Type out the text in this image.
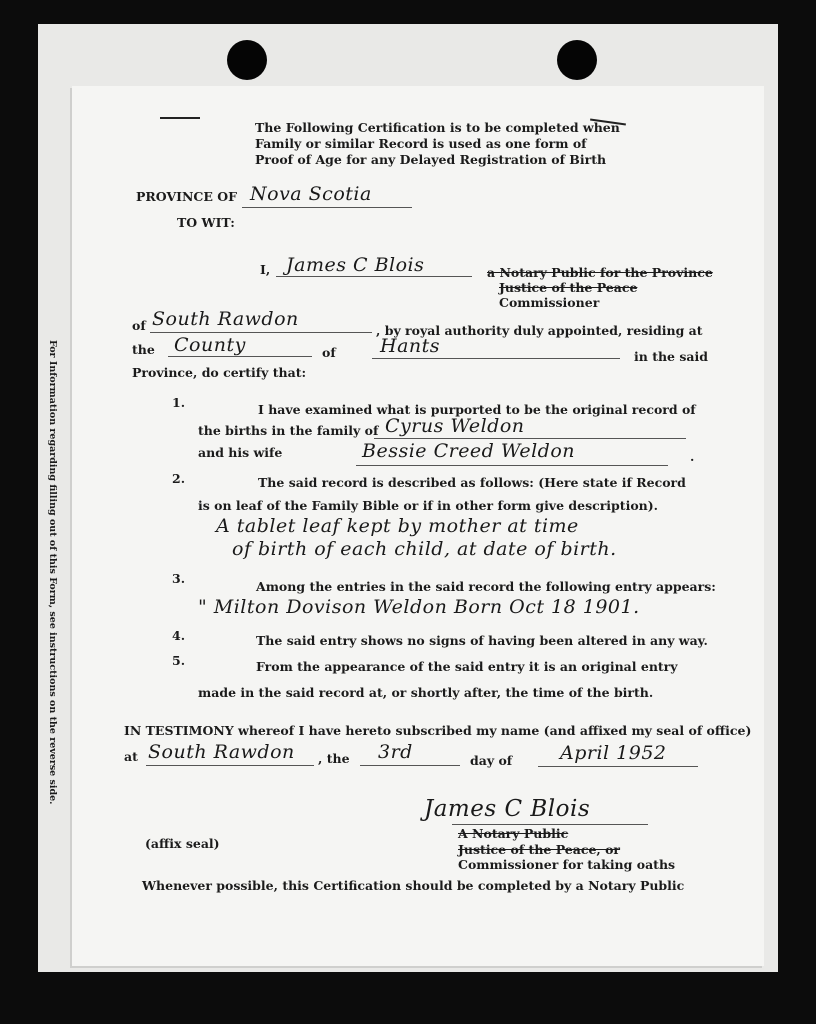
For Information regarding filling out of this Form, see instructions on the reverse side.
The Following Certification is to be completed when
Family or similar Record is used as one form of
Proof of Age for any Delayed Registration of Birth
PROVINCE OF Nova Scotia
TO WIT:
I, James C Blois	a Notary Public for the Province
Justice of the Peace
Commissioner
of South Rawdon
, by royal authority duly appointed, residing at
the County	of Hants	in the said
Province, do certify that:
1.	I have examined what is purported to be the original record of
the births in the family of Cyrus Weldon
and his wife	Bessie Creed Weldon	.
2.	The said record is described as follows: (Here state if Record
is on leaf of the Family Bible or if in other form give description).
A tablet leaf kept by mother at time
of birth of each child, at date of birth.
3.
Among the entries in the said record the following entry appears:
" Milton Dovison Weldon Born Oct 18 1901.
4.	The said entry shows no signs of having been altered in any way.
5.	From the appearance of the said entry it is an original entry
made in the said record at, or shortly after, the time of the birth.
IN TESTIMONY whereof I have hereto subscribed my name (and affixed my seal of office)
at South Rawdon , the 3rd	day of	April 1952
James C Blois
A Notary Public
Justice of the Peace, or
Commissioner for taking oaths
(affix seal)
Whenever possible, this Certification should be completed by a Notary Public
